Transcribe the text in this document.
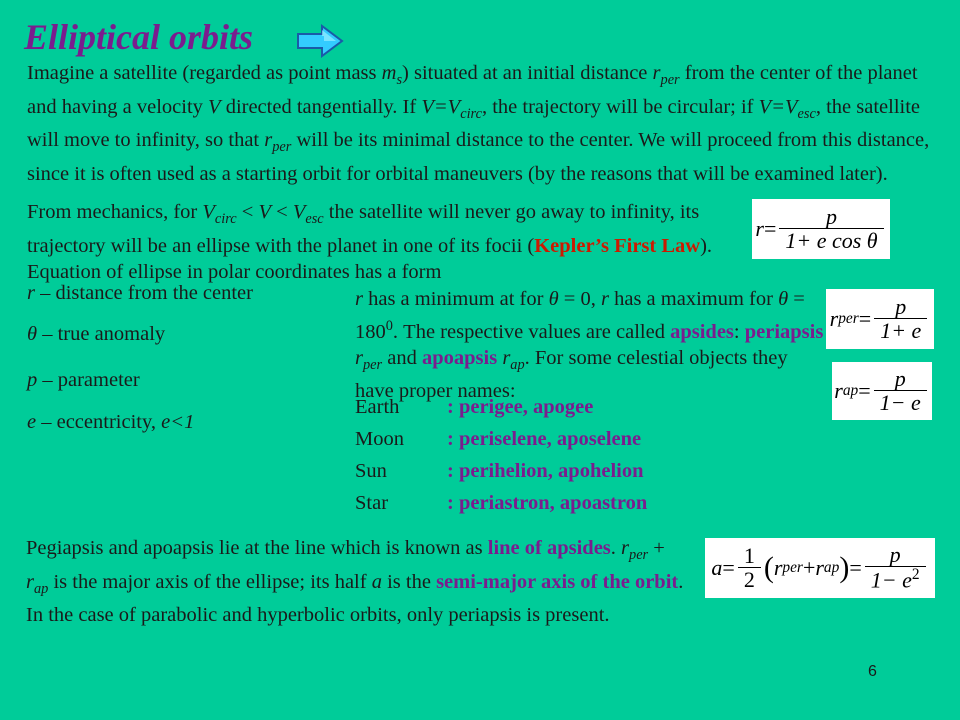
Elliptical orbits

Imagine a satellite (regarded as point mass $m_s$) situated at an initial distance $r_{per}$ from the center of the planet and having a velocity V directed tangentially. If $V=V_{circ}$, the trajectory will be circular; if $V=V_{esc}$, the satellite will move to infinity, so that $r_{per}$ will be its minimal distance to the center. We will proceed from this distance, since it is often used as a starting orbit for orbital maneuvers (by the reasons that will be examined later).

From mechanics, for $V_{circ} < V < V_{esc}$ the satellite will never go away to infinity, its trajectory will be an ellipse with the planet in one of its focii (Kepler’s First Law). Equation of ellipse in polar coordinates has a form

$r = \frac{p}{\text{1+ e cos θ}}$

r – distance from the center

θ – true anomaly

p – parameter

e – eccentricity, e<1

r has a minimum at for θ = 0, r has a maximum for $\theta = 180^0$. The respective values are called apsides: periapsis $r_{per}$ and apoapsis $r_{ap}$. For some celestial objects they have proper names:

r per = $\frac{p}{1+ e}$
r ap = $\frac{p}{1- e}$
Earth : perigee, apogee
Moon : periselene, aposelene
Sun	: perihelion, apohelion
Star	: periastron, apoastron

Pegiapsis and apoapsis lie at the line which is known as line of apsides. $r_{per} + r_{ap}$ is the major axis of the ellipse; its half a is the semi-major axis of the orbit. In the case of parabolic and hyperbolic orbits, only periapsis is present.

$a = \frac{1}{2}$ ( r per + r ap ) = $\frac{p}{1- e^2}$
6
